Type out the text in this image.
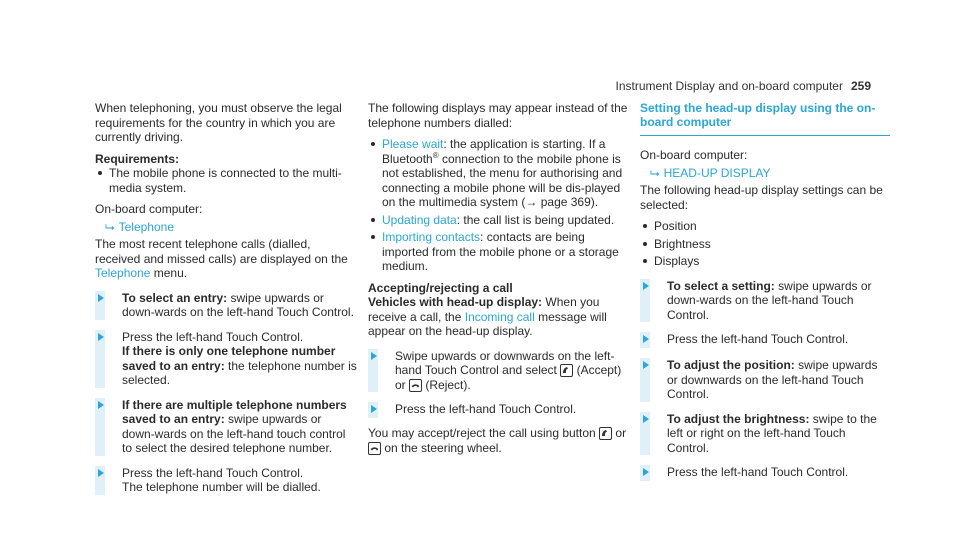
Instrument Display and on-board computer 259

When telephoning, you must observe the legal requirements for the country in which you are currently driving.

Requirements:

The mobile phone is connected to the multi-media system.

On-board computer:

⮡ Telephone

The most recent telephone calls (dialled, received and missed calls) are displayed on the Telephone menu.

To select an entry: swipe upwards or down-wards on the left-hand Touch Control.
Press the left-hand Touch Control.
If there is only one telephone number saved to an entry: the telephone number is selected.
If there are multiple telephone numbers saved to an entry: swipe upwards or down-wards on the left-hand touch control to select the desired telephone number.
Press the left-hand Touch Control.
The telephone number will be dialled.

The following displays may appear instead of the telephone numbers dialled:

Please wait: the application is starting. If a Bluetooth® connection to the mobile phone is not established, the menu for authorising and connecting a mobile phone will be dis-played on the multimedia system (→ page 369).
Updating data: the call list is being updated.
Importing contacts: contacts are being imported from the mobile phone or a storage medium.

Accepting/rejecting a call
Vehicles with head-up display: When you receive a call, the Incoming call message will appear on the head-up display.

Swipe upwards or downwards on the left-hand Touch Control and select (Accept) or (Reject).
Press the left-hand Touch Control.

You may accept/reject the call using button or
on the steering wheel.

Setting the head-up display using the on-board computer

On-board computer:

⮡ HEAD-UP DISPLAY

The following head-up display settings can be selected:

Position
Brightness
Displays
To select a setting: swipe upwards or down-wards on the left-hand Touch Control.
Press the left-hand Touch Control.
To adjust the position: swipe upwards or downwards on the left-hand Touch Control.
To adjust the brightness: swipe to the left or right on the left-hand Touch Control.
Press the left-hand Touch Control.
